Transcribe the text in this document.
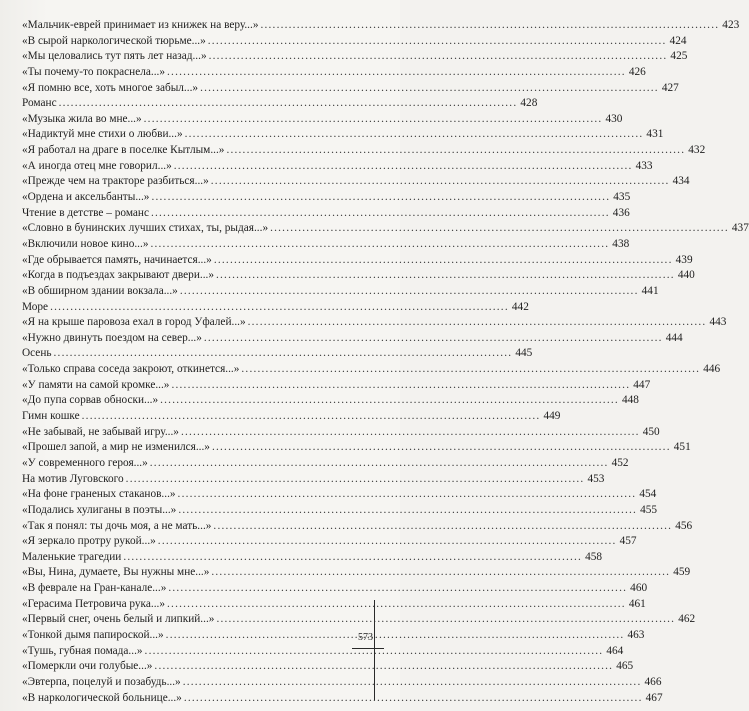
«Мальчик-еврей принимает из книжек на веру...» .....	423
«В сырой наркологической тюрьме...» .....	424
«Мы целовались тут пять лет назад...» .....	425
«Ты почему-то покраснела...» .....	426
«Я помню все, хоть многое забыл...» .....	427
Романс .....	428
«Музыка жила во мне...» .....	430
«Надиктуй мне стихи о любви...» .....	431
«Я работал на драге в поселке Кытлым...» .....	432
«А иногда отец мне говорил...» .....	433
«Прежде чем на тракторе разбиться...» .....	434
«Ордена и аксельбанты...» .....	435
Чтение в детстве – романс .....	436
«Словно в бунинских лучших стихах, ты, рыдая...» .....	437
«Включили новое кино...» .....	438
«Где обрывается память, начинается...» .....	439
«Когда в подъездах закрывают двери...» .....	440
«В обширном здании вокзала...» .....	441
Море .....	442
«Я на крыше паровоза ехал в город Уфалей...» .....	443
«Нужно двинуть поездом на север...» .....	444
Осень .....	445
«Только справа соседа закроют, откинется...» .....	446
«У памяти на самой кромке...» .....	447
«До пупа сорвав обноски...» .....	448
Гимн кошке .....	449
«Не забывай, не забывай игру...» .....	450
«Прошел запой, а мир не изменился...» .....	451
«У современного героя...» .....	452
На мотив Луговского .....	453
«На фоне граненых стаканов...» .....	454
«Подались хулиганы в поэты...» .....	455
«Так я понял: ты дочь моя, а не мать...» .....	456
«Я зеркало протру рукой...» .....	457
Маленькие трагедии .....	458
«Вы, Нина, думаете, Вы нужны мне...» .....	459
«В феврале на Гран-канале...» .....	460
«Герасима Петровича рука...» .....	461
«Первый снег, очень белый и липкий...» .....	462
«Тонкой дымя папироской...» .....	463
«Тушь, губная помада...» .....	464
«Померкли очи голубые...» .....	465
«Эвтерпа, поцелуй и позабудь...» .....	466
«В наркологической больнице...» .....	467
573
